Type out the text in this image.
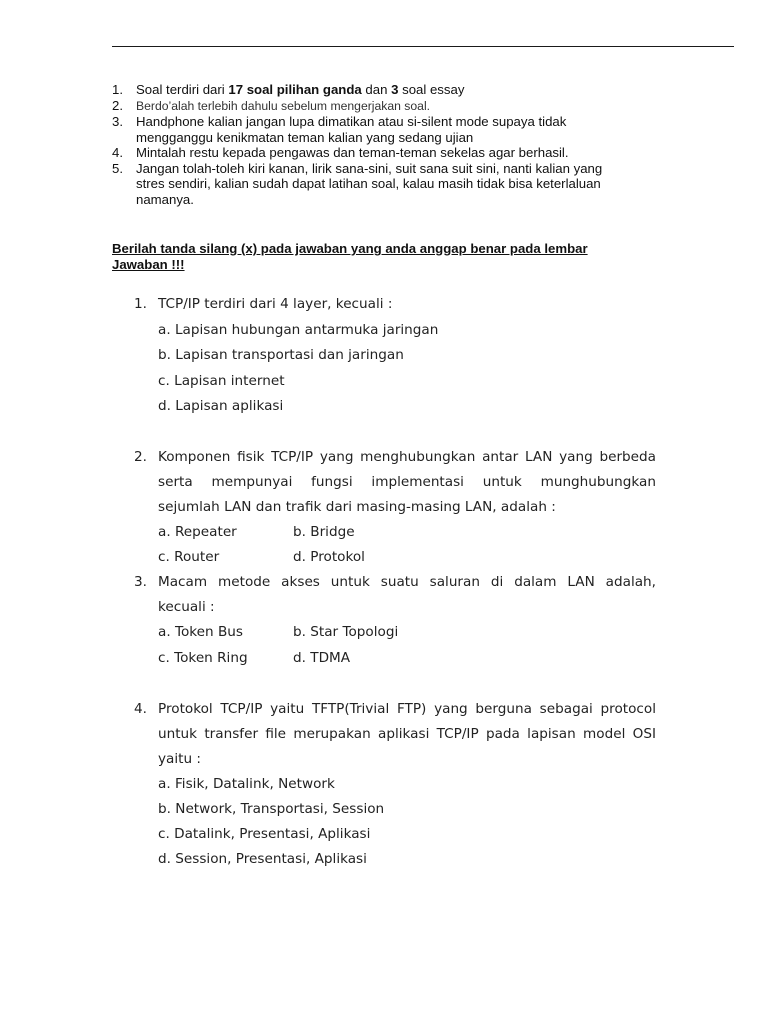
1. Soal terdiri dari 17 soal pilihan ganda dan 3 soal essay
2. Berdo’alah terlebih dahulu sebelum mengerjakan soal.
3. Handphone kalian jangan lupa dimatikan atau si-silent mode supaya tidak
mengganggu kenikmatan teman kalian yang sedang ujian
4. Mintalah restu kepada pengawas dan teman-teman sekelas agar berhasil.
5. Jangan tolah-toleh kiri kanan, lirik sana-sini, suit sana suit sini, nanti kalian yang
stres sendiri, kalian sudah dapat latihan soal, kalau masih tidak bisa keterlaluan
namanya.

Berilah tanda silang (x) pada jawaban yang anda anggap benar pada lembar
Jawaban !!!

1. TCP/IP terdiri dari 4 layer, kecuali :
a. Lapisan hubungan antarmuka jaringan
b. Lapisan transportasi dan jaringan
c. Lapisan internet
d. Lapisan aplikasi
2. Komponen fisik TCP/IP yang menghubungkan antar LAN yang berbeda
serta mempunyai fungsi implementasi untuk munghubungkan
sejumlah LAN dan trafik dari masing-masing LAN, adalah :
a. Repeater	b. Bridge
c. Router	d. Protokol
3. Macam metode akses untuk suatu saluran di dalam LAN adalah,
kecuali :
a. Token Bus	b. Star Topologi
c. Token Ring	d. TDMA
4. Protokol TCP/IP yaitu TFTP(Trivial FTP) yang berguna sebagai protocol
untuk transfer file merupakan aplikasi TCP/IP pada lapisan model OSI
yaitu :
a. Fisik, Datalink, Network
b. Network, Transportasi, Session
c. Datalink, Presentasi, Aplikasi
d. Session, Presentasi, Aplikasi
